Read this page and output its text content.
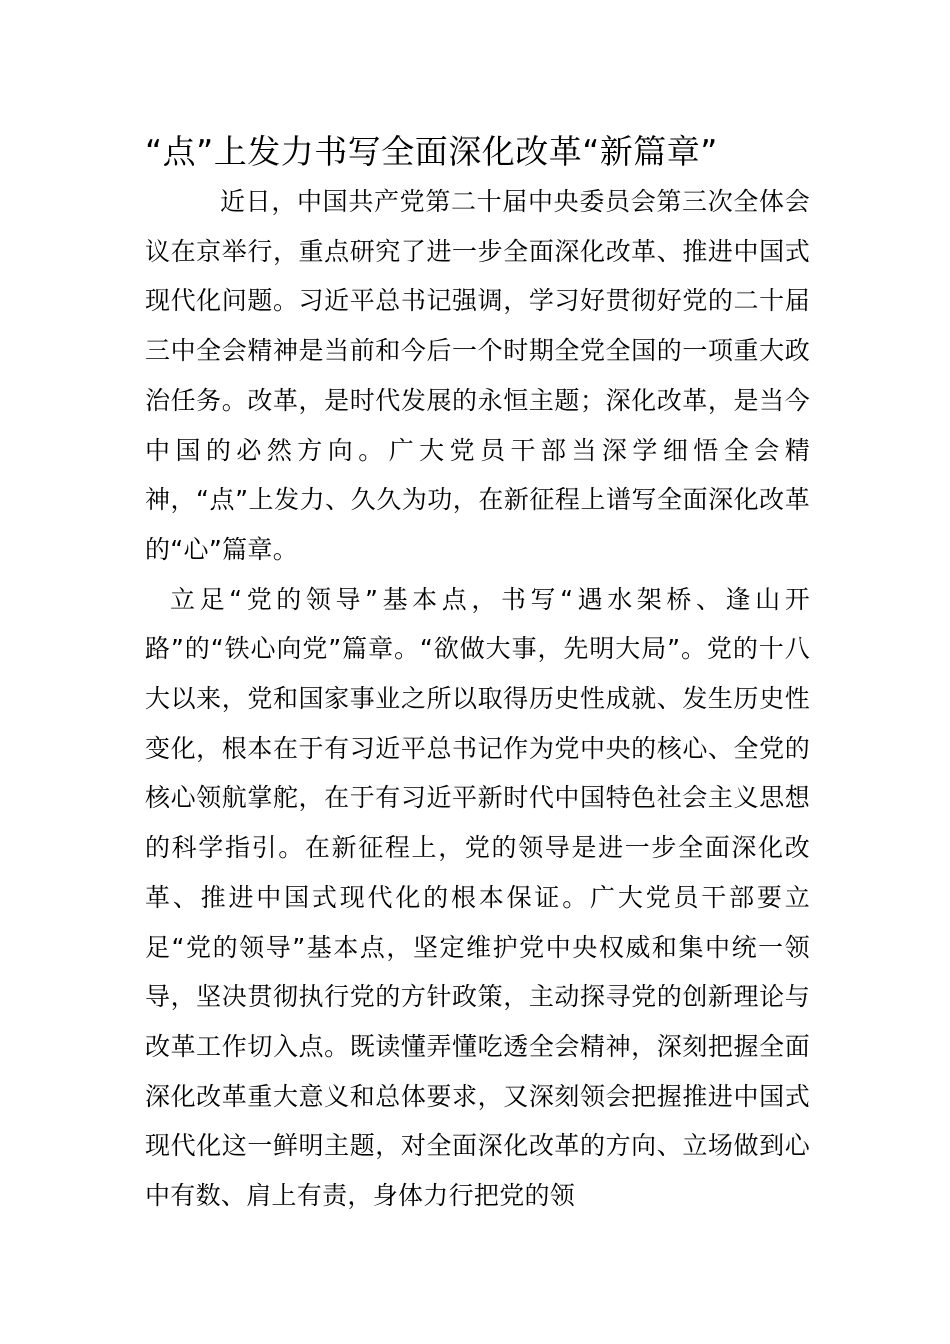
“点”上发力书写全面深化改革“新篇章”

近日，中国共产党第二十届中央委员会第三次全体会议在京举行，重点研究了进一步全面深化改革、推进中国式现代化问题。习近平总书记强调，学习好贯彻好党的二十届三中全会精神是当前和今后一个时期全党全国的一项重大政治任务。改革，是时代发展的永恒主题；深化改革，是当今中国的必然方向。广大党员干部当深学细悟全会精神，“点”上发力、久久为功，在新征程上谱写全面深化改革的“心”篇章。

立足“党的领导”基本点，书写“遇水架桥、逢山开路”的“铁心向党”篇章。“欲做大事，先明大局”。党的十八大以来，党和国家事业之所以取得历史性成就、发生历史性变化，根本在于有习近平总书记作为党中央的核心、全党的核心领航掌舵，在于有习近平新时代中国特色社会主义思想的科学指引。在新征程上，党的领导是进一步全面深化改革、推进中国式现代化的根本保证。广大党员干部要立足“党的领导”基本点，坚定维护党中央权威和集中统一领导，坚决贯彻执行党的方针政策，主动探寻党的创新理论与改革工作切入点。既读懂弄懂吃透全会精神，深刻把握全面深化改革重大意义和总体要求，又深刻领会把握推进中国式现代化这一鲜明主题，对全面深化改革的方向、立场做到心中有数、肩上有责，身体力行把党的领
